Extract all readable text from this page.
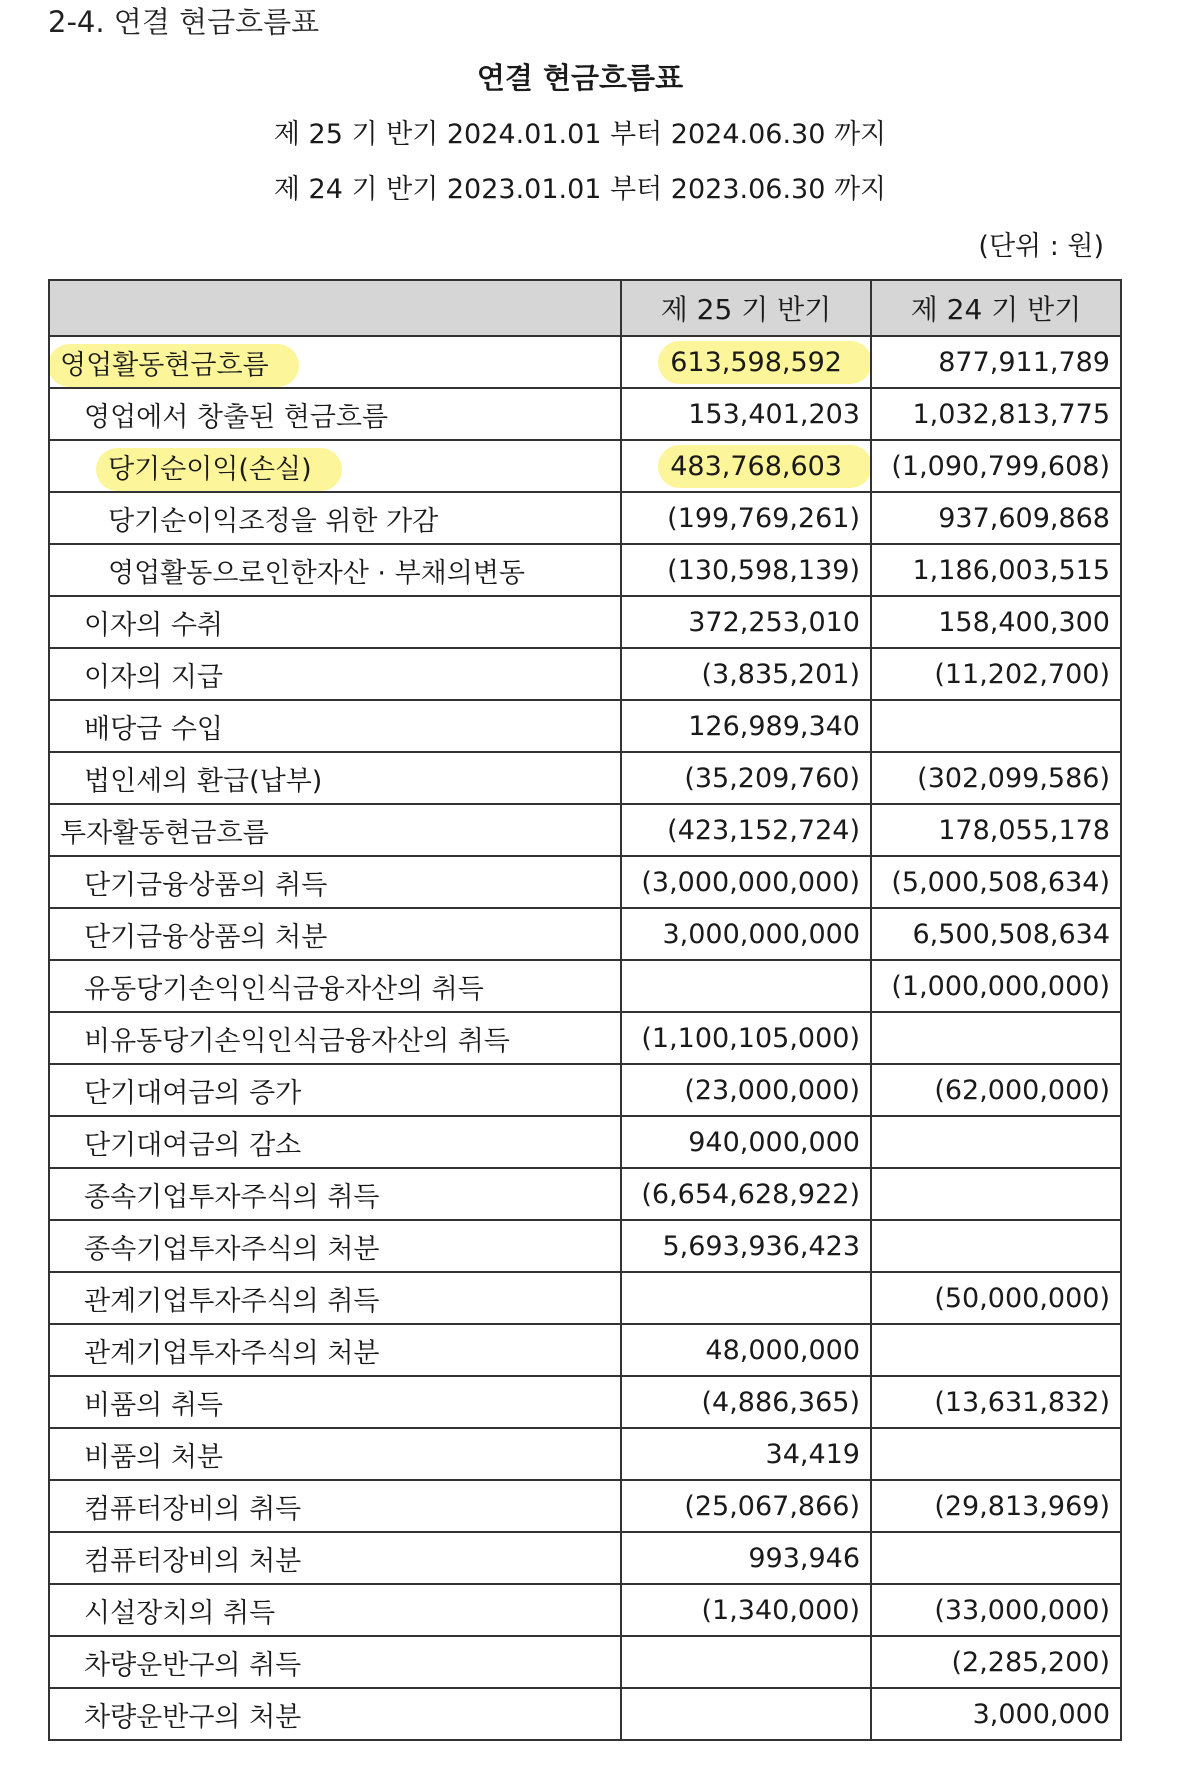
2-4. 연결 현금흐름표
연결 현금흐름표
제 25 기 반기 2024.01.01 부터 2024.06.30 까지
제 24 기 반기 2023.01.01 부터 2023.06.30 까지
(단위 : 원)
	제 25 기 반기	제 24 기 반기
영업활동현금흐름	613,598,592	877,911,789
영업에서 창출된 현금흐름	153,401,203	1,032,813,775
당기순이익(손실)	483,768,603	(1,090,799,608)
당기순이익조정을 위한 가감	(199,769,261)	937,609,868
영업활동으로인한자산 · 부채의변동	(130,598,139)	1,186,003,515
이자의 수취	372,253,010	158,400,300
이자의 지급	(3,835,201)	(11,202,700)
배당금 수입	126,989,340	
법인세의 환급(납부)	(35,209,760)	(302,099,586)
투자활동현금흐름	(423,152,724)	178,055,178
단기금융상품의 취득	(3,000,000,000)	(5,000,508,634)
단기금융상품의 처분	3,000,000,000	6,500,508,634
유동당기손익인식금융자산의 취득		(1,000,000,000)
비유동당기손익인식금융자산의 취득	(1,100,105,000)	
단기대여금의 증가	(23,000,000)	(62,000,000)
단기대여금의 감소	940,000,000	
종속기업투자주식의 취득	(6,654,628,922)	
종속기업투자주식의 처분	5,693,936,423	
관계기업투자주식의 취득		(50,000,000)
관계기업투자주식의 처분	48,000,000	
비품의 취득	(4,886,365)	(13,631,832)
비품의 처분	34,419	
컴퓨터장비의 취득	(25,067,866)	(29,813,969)
컴퓨터장비의 처분	993,946	
시설장치의 취득	(1,340,000)	(33,000,000)
차량운반구의 취득		(2,285,200)
차량운반구의 처분		3,000,000
